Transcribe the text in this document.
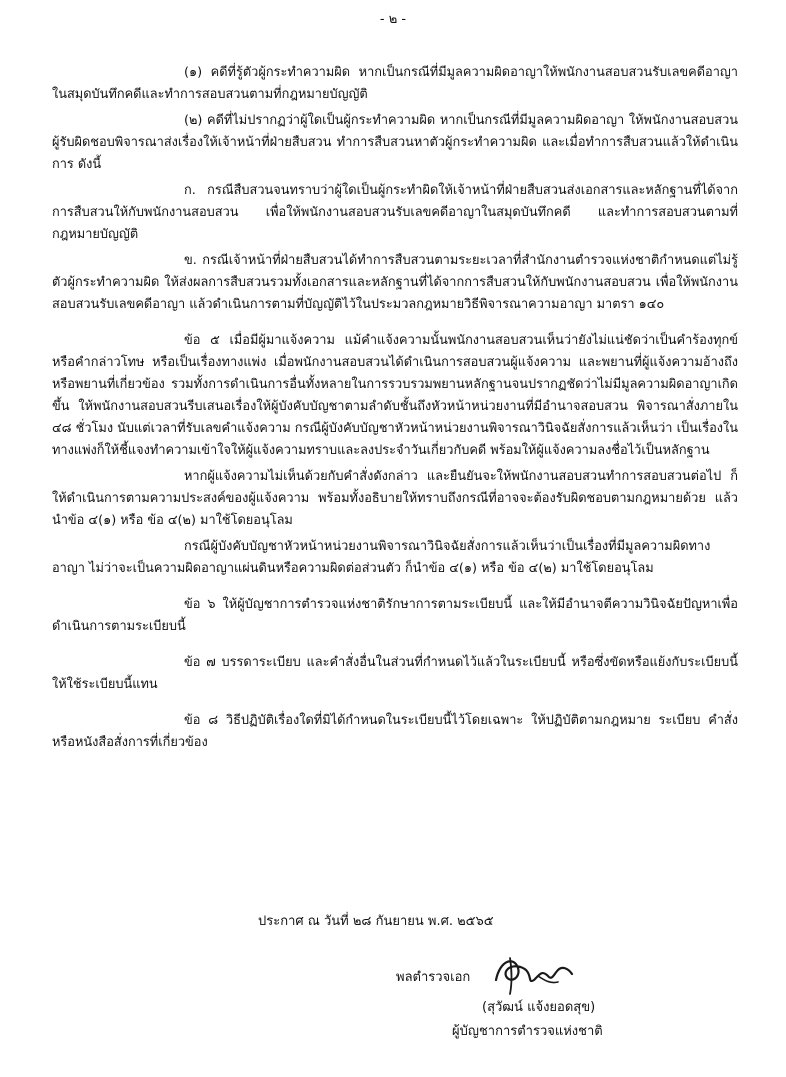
- ๒ -

(๑) คดีที่รู้ตัวผู้กระทำความผิด หากเป็นกรณีที่มีมูลความผิดอาญาให้พนักงานสอบสวนรับเลขคดีอาญาในสมุดบันทึกคดีและทำการสอบสวนตามที่กฎหมายบัญญัติ

(๒) คดีที่ไม่ปรากฏว่าผู้ใดเป็นผู้กระทำความผิด หากเป็นกรณีที่มีมูลความผิดอาญา ให้พนักงานสอบสวนผู้รับผิดชอบพิจารณาส่งเรื่องให้เจ้าหน้าที่ฝ่ายสืบสวน ทำการสืบสวนหาตัวผู้กระทำความผิด และเมื่อทำการสืบสวนแล้วให้ดำเนินการ ดังนี้

ก. กรณีสืบสวนจนทราบว่าผู้ใดเป็นผู้กระทำผิดให้เจ้าหน้าที่ฝ่ายสืบสวนส่งเอกสารและหลักฐานที่ได้จากการสืบสวนให้กับพนักงานสอบสวน เพื่อให้พนักงานสอบสวนรับเลขคดีอาญาในสมุดบันทึกคดี และทำการสอบสวนตามที่กฎหมายบัญญัติ

ข. กรณีเจ้าหน้าที่ฝ่ายสืบสวนได้ทำการสืบสวนตามระยะเวลาที่สำนักงานตำรวจแห่งชาติกำหนดแต่ไม่รู้ตัวผู้กระทำความผิด ให้ส่งผลการสืบสวนรวมทั้งเอกสารและหลักฐานที่ได้จากการสืบสวนให้กับพนักงานสอบสวน เพื่อให้พนักงานสอบสวนรับเลขคดีอาญา แล้วดำเนินการตามที่บัญญัติไว้ในประมวลกฎหมายวิธีพิจารณาความอาญา มาตรา ๑๔๐

ข้อ ๕ เมื่อมีผู้มาแจ้งความ แม้คำแจ้งความนั้นพนักงานสอบสวนเห็นว่ายังไม่แน่ชัดว่าเป็นคำร้องทุกข์หรือคำกล่าวโทษ หรือเป็นเรื่องทางแพ่ง เมื่อพนักงานสอบสวนได้ดำเนินการสอบสวนผู้แจ้งความ และพยานที่ผู้แจ้งความอ้างถึง หรือพยานที่เกี่ยวข้อง รวมทั้งการดำเนินการอื่นทั้งหลายในการรวบรวมพยานหลักฐานจนปรากฏชัดว่าไม่มีมูลความผิดอาญาเกิดขึ้น ให้พนักงานสอบสวนรีบเสนอเรื่องให้ผู้บังคับบัญชาตามลำดับชั้นถึงหัวหน้าหน่วยงานที่มีอำนาจสอบสวน พิจารณาสั่งภายใน ๔๘ ชั่วโมง นับแต่เวลาที่รับเลขคำแจ้งความ กรณีผู้บังคับบัญชาหัวหน้าหน่วยงานพิจารณาวินิจฉัยสั่งการแล้วเห็นว่า เป็นเรื่องในทางแพ่งก็ให้ชี้แจงทำความเข้าใจให้ผู้แจ้งความทราบและลงประจำวันเกี่ยวกับคดี พร้อมให้ผู้แจ้งความลงชื่อไว้เป็นหลักฐาน

หากผู้แจ้งความไม่เห็นด้วยกับคำสั่งดังกล่าว และยืนยันจะให้พนักงานสอบสวนทำการสอบสวนต่อไป ก็ให้ดำเนินการตามความประสงค์ของผู้แจ้งความ พร้อมทั้งอธิบายให้ทราบถึงกรณีที่อาจจะต้องรับผิดชอบตามกฎหมายด้วย แล้วนำข้อ ๔(๑) หรือ ข้อ ๔(๒) มาใช้โดยอนุโลม

กรณีผู้บังคับบัญชาหัวหน้าหน่วยงานพิจารณาวินิจฉัยสั่งการแล้วเห็นว่าเป็นเรื่องที่มีมูลความผิดทางอาญา ไม่ว่าจะเป็นความผิดอาญาแผ่นดินหรือความผิดต่อส่วนตัว ก็นำข้อ ๔(๑) หรือ ข้อ ๔(๒) มาใช้โดยอนุโลม

ข้อ ๖ ให้ผู้บัญชาการตำรวจแห่งชาติรักษาการตามระเบียบนี้ และให้มีอำนาจตีความวินิจฉัยปัญหาเพื่อดำเนินการตามระเบียบนี้

ข้อ ๗ บรรดาระเบียบ และคำสั่งอื่นในส่วนที่กำหนดไว้แล้วในระเบียบนี้ หรือซึ่งขัดหรือแย้งกับระเบียบนี้ ให้ใช้ระเบียบนี้แทน

ข้อ ๘ วิธีปฏิบัติเรื่องใดที่มิได้กำหนดในระเบียบนี้ไว้โดยเฉพาะ ให้ปฏิบัติตามกฎหมาย ระเบียบ คำสั่ง หรือหนังสือสั่งการที่เกี่ยวข้อง

ประกาศ ณ วันที่ ๒๘ กันยายน พ.ศ. ๒๕๖๕
พลตำรวจเอก
(สุวัฒน์ แจ้งยอดสุข)
ผู้บัญชาการตำรวจแห่งชาติ
